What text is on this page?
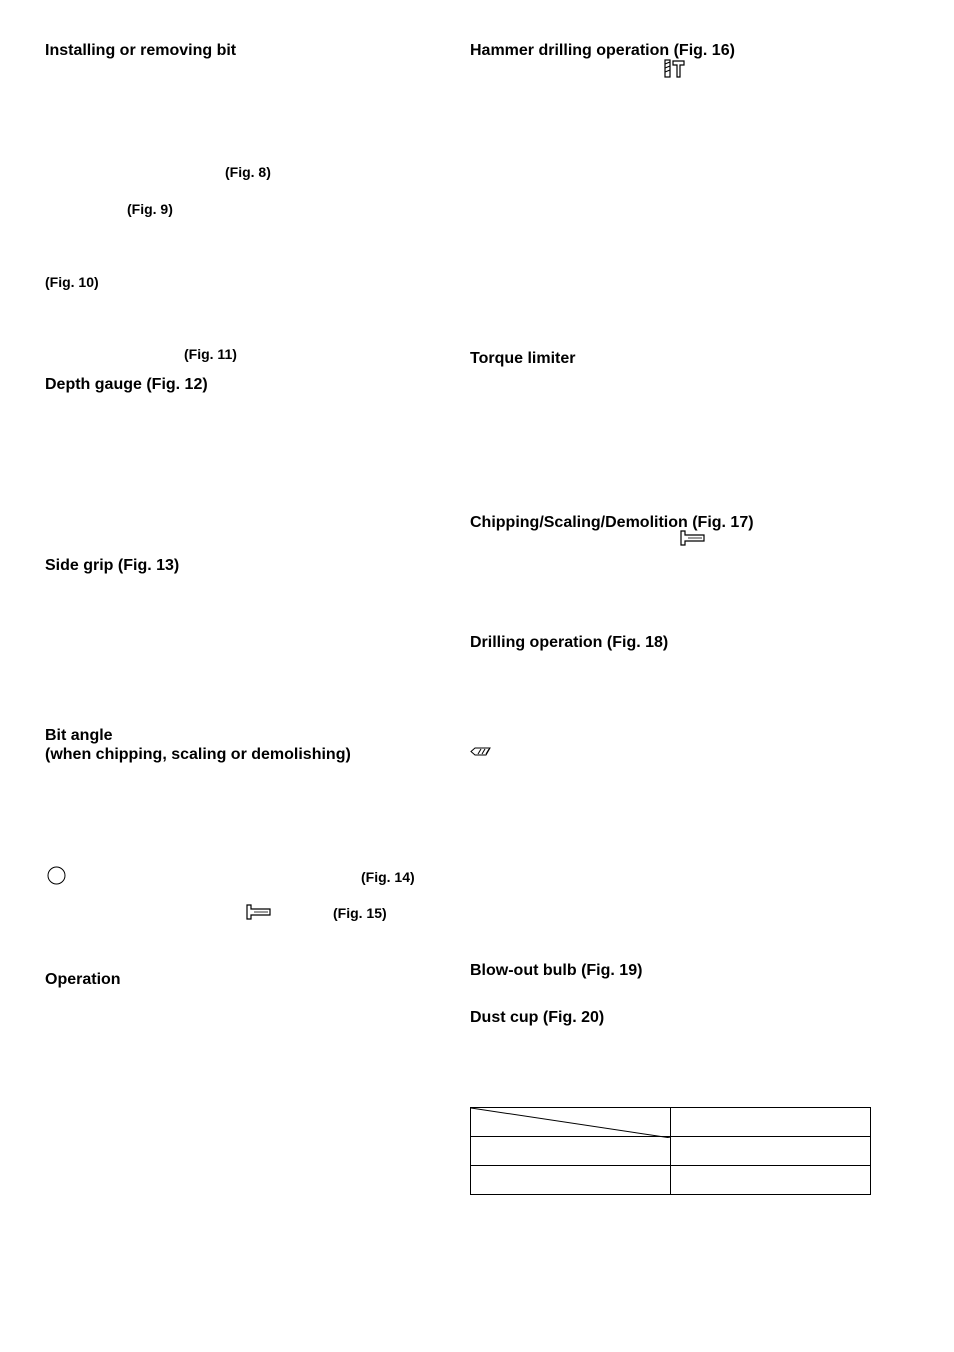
Installing or removing bit
(Fig. 8)
(Fig. 9)
(Fig. 10)
(Fig. 11)
Depth gauge (Fig. 12)
Side grip (Fig. 13)
Bit angle
(when chipping, scaling or demolishing)
(Fig. 14)
(Fig. 15)
Operation
Hammer drilling operation (Fig. 16)
Torque limiter
Chipping/Scaling/Demolition (Fig. 17)
Drilling operation (Fig. 18)
Blow-out bulb (Fig. 19)
Dust cup (Fig. 20)
